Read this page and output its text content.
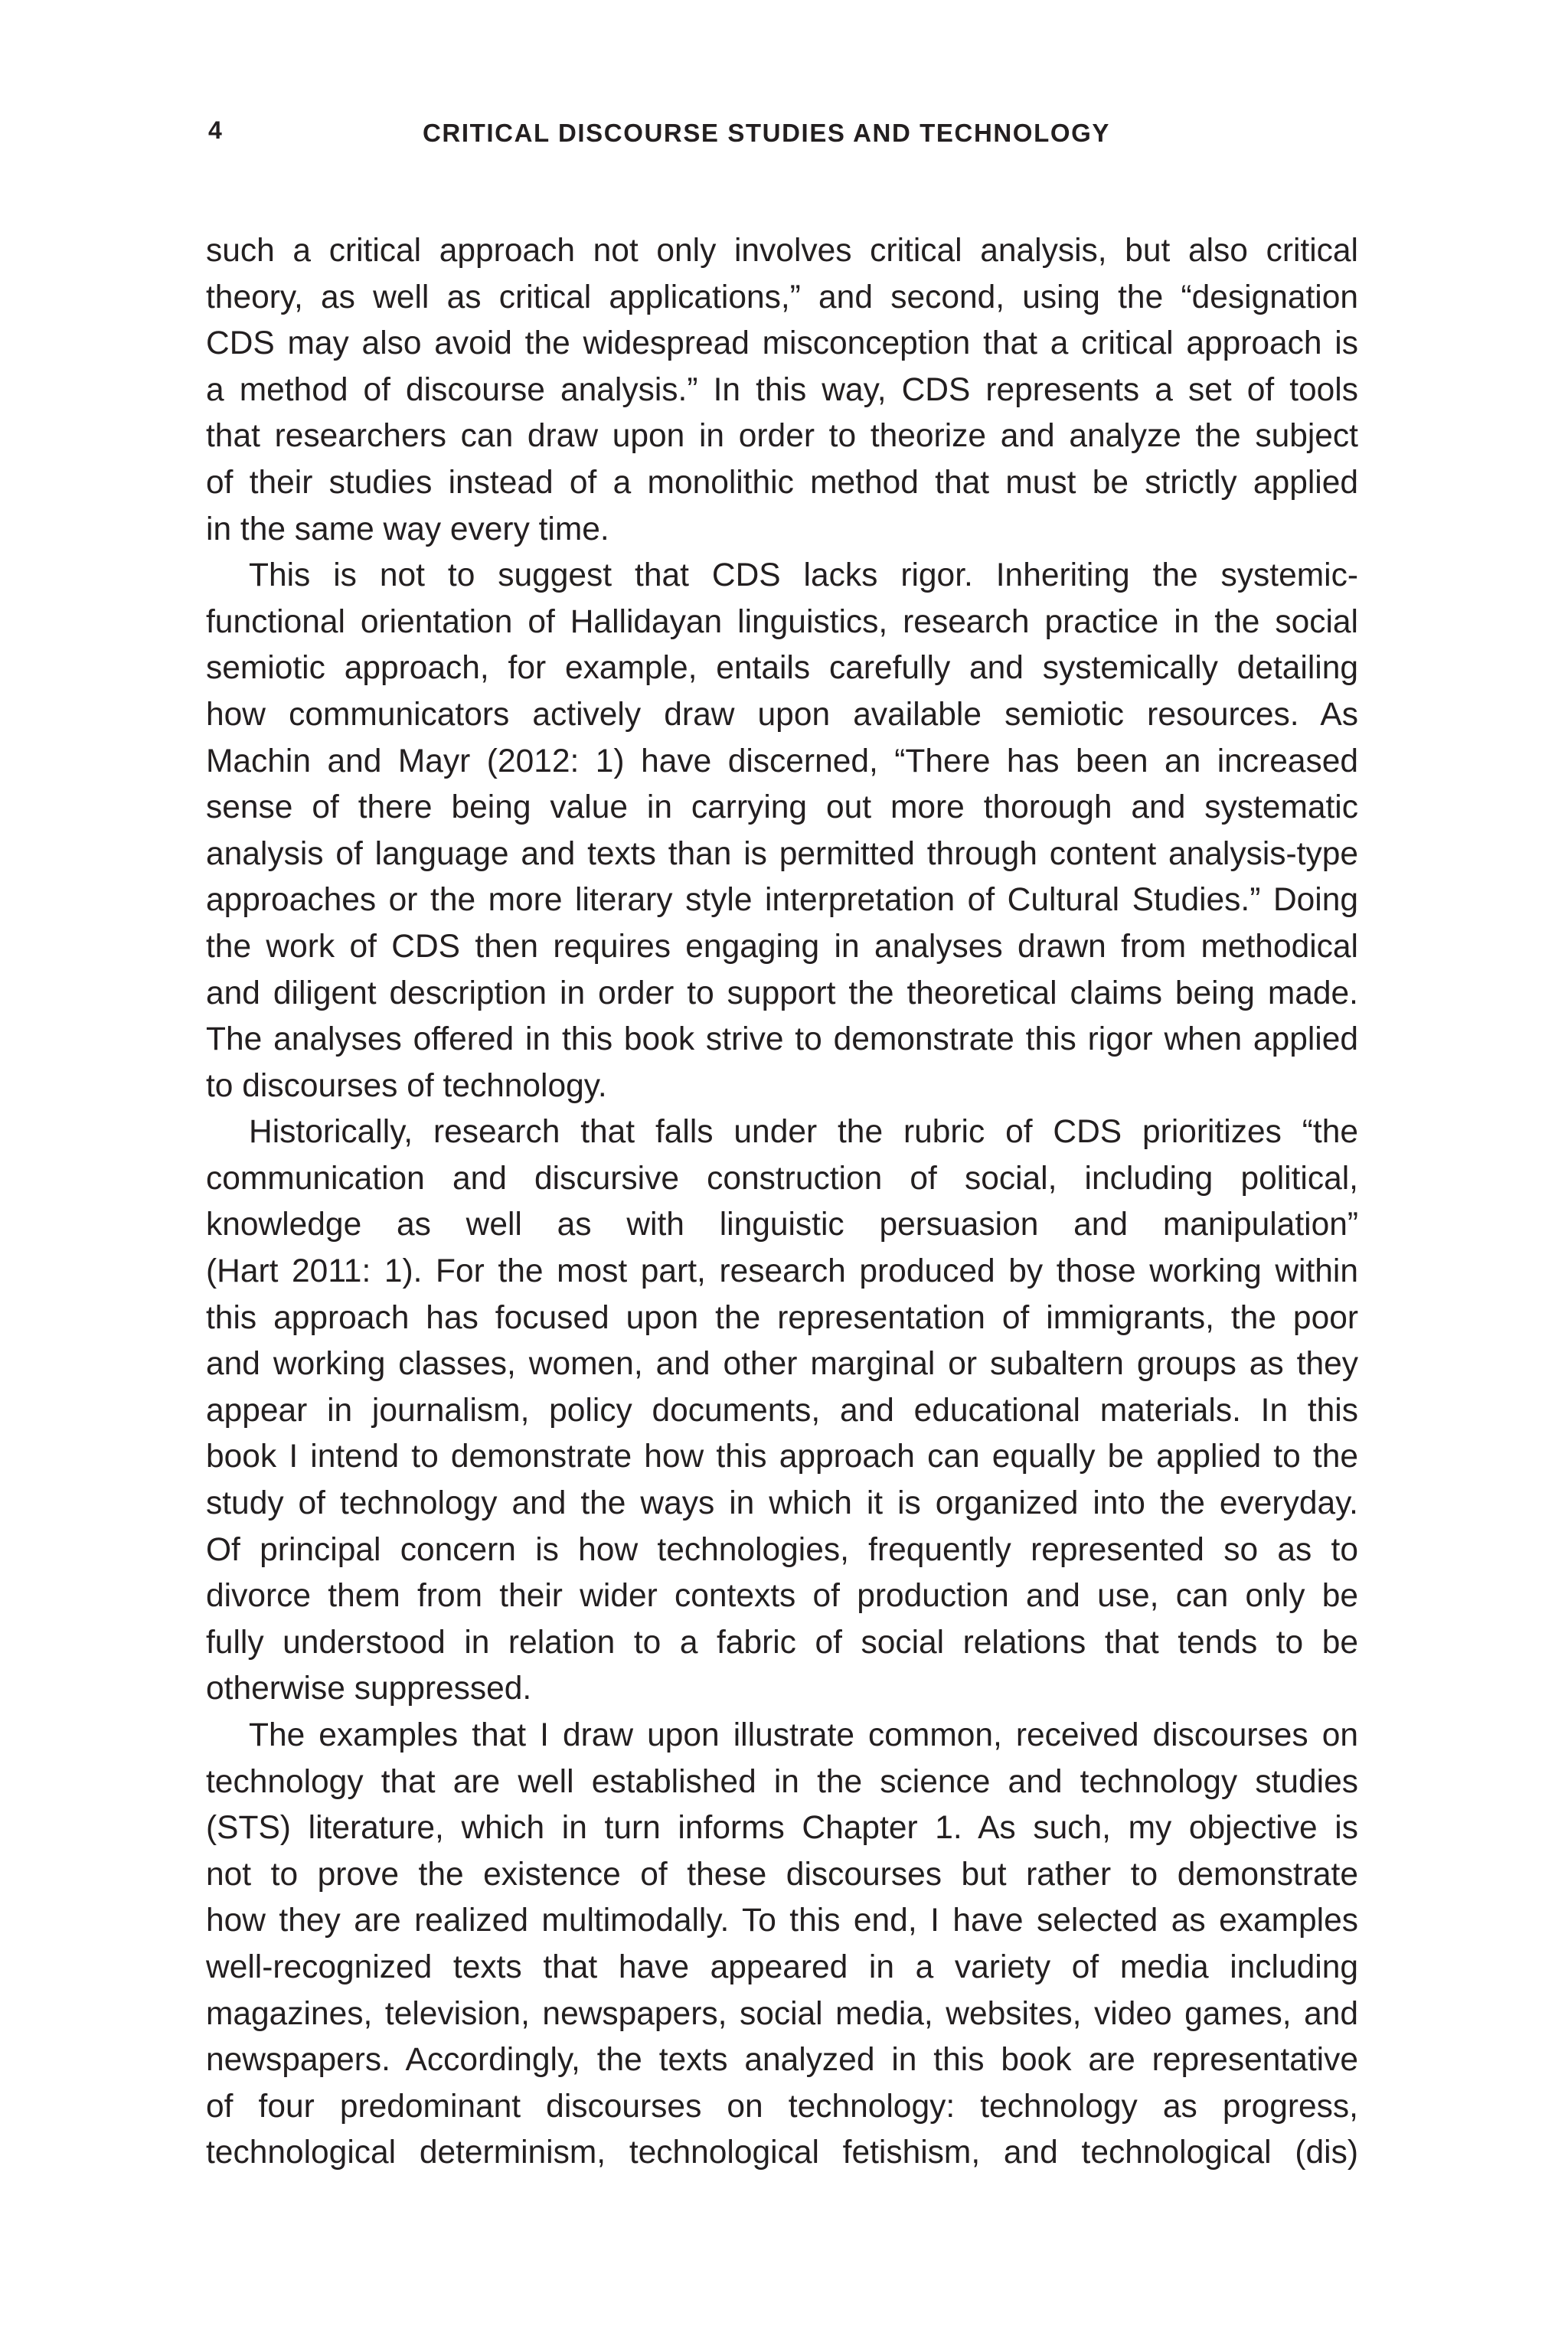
4	CRITICAL DISCOURSE STUDIES AND TECHNOLOGY

such a critical approach not only involves critical analysis, but also critical
theory, as well as critical applications,” and second, using the “designation
CDS may also avoid the widespread misconception that a critical approach is
a method of discourse analysis.” In this way, CDS represents a set of tools
that researchers can draw upon in order to theorize and analyze the subject
of their studies instead of a monolithic method that must be strictly applied
in the same way every time.

This is not to suggest that CDS lacks rigor. Inheriting the systemic-
functional orientation of Hallidayan linguistics, research practice in the social
semiotic approach, for example, entails carefully and systemically detailing
how communicators actively draw upon available semiotic resources. As
Machin and Mayr (2012: 1) have discerned, “There has been an increased
sense of there being value in carrying out more thorough and systematic
analysis of language and texts than is permitted through content analysis-type
approaches or the more literary style interpretation of Cultural Studies.” Doing
the work of CDS then requires engaging in analyses drawn from methodical
and diligent description in order to support the theoretical claims being made.
The analyses offered in this book strive to demonstrate this rigor when applied
to discourses of technology.

Historically, research that falls under the rubric of CDS prioritizes “the
communication and discursive construction of social, including political,
knowledge as well as with linguistic persuasion and manipulation”
(Hart 2011: 1). For the most part, research produced by those working within
this approach has focused upon the representation of immigrants, the poor
and working classes, women, and other marginal or subaltern groups as they
appear in journalism, policy documents, and educational materials. In this
book I intend to demonstrate how this approach can equally be applied to the
study of technology and the ways in which it is organized into the everyday.
Of principal concern is how technologies, frequently represented so as to
divorce them from their wider contexts of production and use, can only be
fully understood in relation to a fabric of social relations that tends to be
otherwise suppressed.

The examples that I draw upon illustrate common, received discourses on
technology that are well established in the science and technology studies
(STS) literature, which in turn informs Chapter 1. As such, my objective is
not to prove the existence of these discourses but rather to demonstrate
how they are realized multimodally. To this end, I have selected as examples
well-recognized texts that have appeared in a variety of media including
magazines, television, newspapers, social media, websites, video games, and
newspapers. Accordingly, the texts analyzed in this book are representative
of four predominant discourses on technology: technology as progress,
technological determinism, technological fetishism, and technological (dis)
